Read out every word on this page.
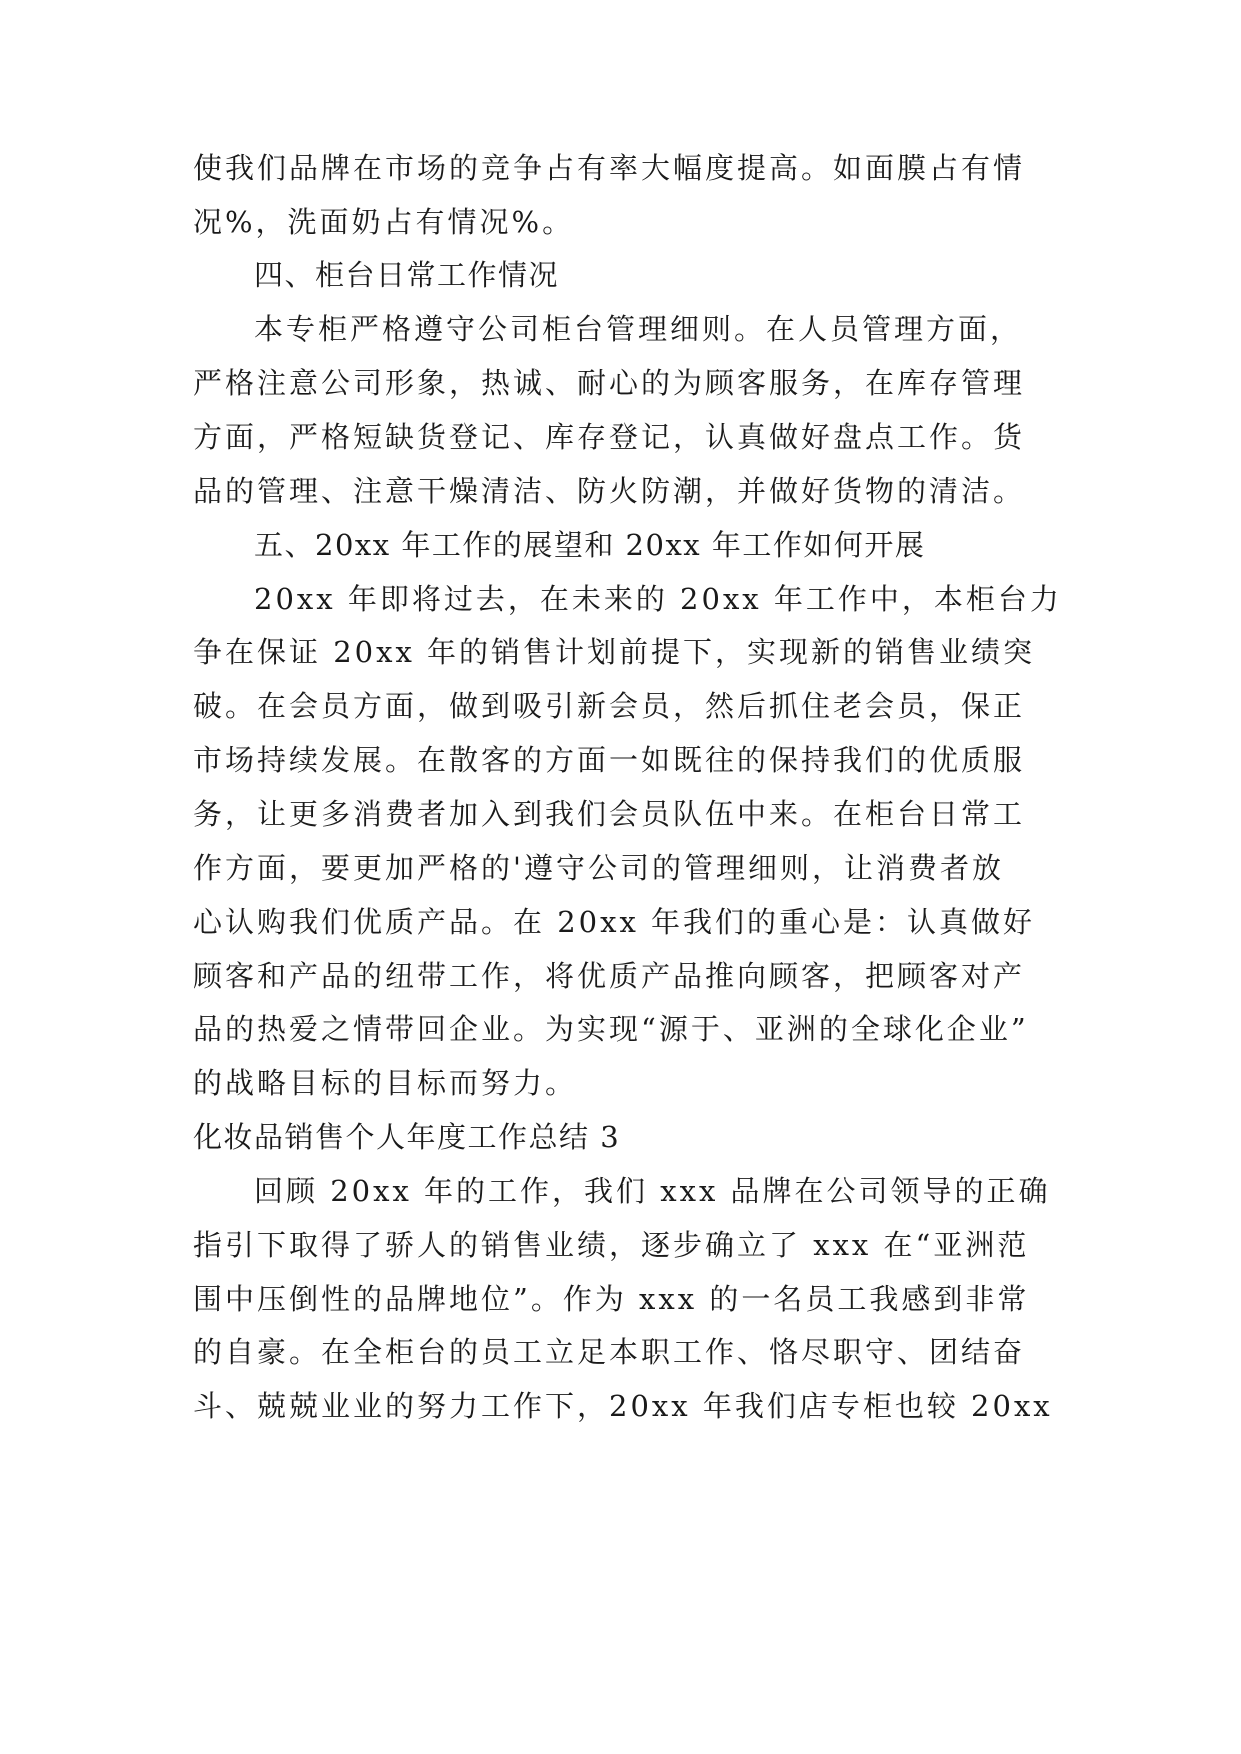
使我们品牌在市场的竞争占有率大幅度提高。如面膜占有情

况%，洗面奶占有情况%。

四、柜台日常工作情况

本专柜严格遵守公司柜台管理细则。在人员管理方面，

严格注意公司形象，热诚、耐心的为顾客服务，在库存管理

方面，严格短缺货登记、库存登记，认真做好盘点工作。货

品的管理、注意干燥清洁、防火防潮，并做好货物的清洁。

五、20xx 年工作的展望和 20xx 年工作如何开展

20xx 年即将过去，在未来的 20xx 年工作中，本柜台力

争在保证 20xx 年的销售计划前提下，实现新的销售业绩突

破。在会员方面，做到吸引新会员，然后抓住老会员，保正

市场持续发展。在散客的方面一如既往的保持我们的优质服

务，让更多消费者加入到我们会员队伍中来。在柜台日常工

作方面，要更加严格的'遵守公司的管理细则，让消费者放

心认购我们优质产品。在 20xx 年我们的重心是：认真做好

顾客和产品的纽带工作，将优质产品推向顾客，把顾客对产

品的热爱之情带回企业。为实现“源于、亚洲的全球化企业”

的战略目标的目标而努力。

化妆品销售个人年度工作总结 3

回顾 20xx 年的工作，我们 xxx 品牌在公司领导的正确

指引下取得了骄人的销售业绩，逐步确立了 xxx 在“亚洲范

围中压倒性的品牌地位”。作为 xxx 的一名员工我感到非常

的自豪。在全柜台的员工立足本职工作、恪尽职守、团结奋

斗、兢兢业业的努力工作下，20xx 年我们店专柜也较 20xx
